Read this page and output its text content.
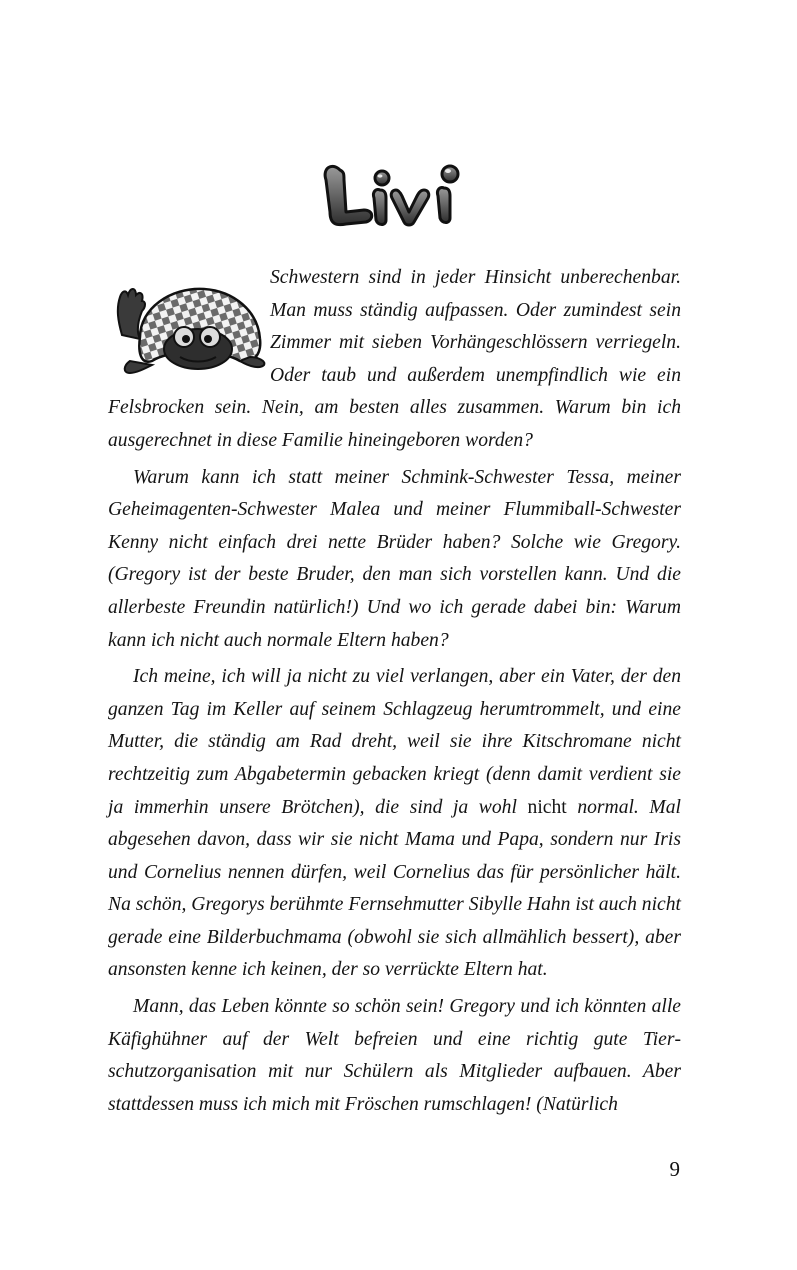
Schwestern sind in jeder Hinsicht unberechenbar. Man muss ständig aufpassen. Oder zumindest sein Zimmer mit sieben Vorhängeschlössern verriegeln. Oder taub und außerdem unempfindlich wie ein Felsbrocken sein. Nein, am besten alles zusammen. Warum bin ich ausgerechnet in diese Familie hineingeboren worden?

Warum kann ich statt meiner Schmink-Schwester Tessa, meiner Geheimagenten-Schwester Malea und meiner Flummiball-Schwester Kenny nicht einfach drei nette Brüder haben? Solche wie Gregory. (Gregory ist der beste Bruder, den man sich vorstellen kann. Und die allerbeste Freundin natürlich!) Und wo ich gerade dabei bin: Warum kann ich nicht auch normale Eltern haben?

Ich meine, ich will ja nicht zu viel verlangen, aber ein Vater, der den ganzen Tag im Keller auf seinem Schlagzeug herumtrommelt, und eine Mutter, die ständig am Rad dreht, weil sie ihre Kitschromane nicht rechtzeitig zum Abgabetermin gebacken kriegt (denn damit verdient sie ja immerhin unsere Brötchen), die sind ja wohl nicht normal. Mal abgesehen davon, dass wir sie nicht Mama und Papa, sondern nur Iris und Cornelius nennen dürfen, weil Cornelius das für persönlicher hält. Na schön, Gregorys berühmte Fernsehmutter Sibylle Hahn ist auch nicht gerade eine Bilderbuchmama (obwohl sie sich allmählich bessert), aber ansonsten kenne ich keinen, der so verrückte Eltern hat.

Mann, das Leben könnte so schön sein! Gregory und ich könnten alle Käfighühner auf der Welt befreien und eine richtig gute Tierschutzorganisation mit nur Schülern als Mitglieder aufbauen. Aber stattdessen muss ich mich mit Fröschen rumschlagen! (Natürlich

9
